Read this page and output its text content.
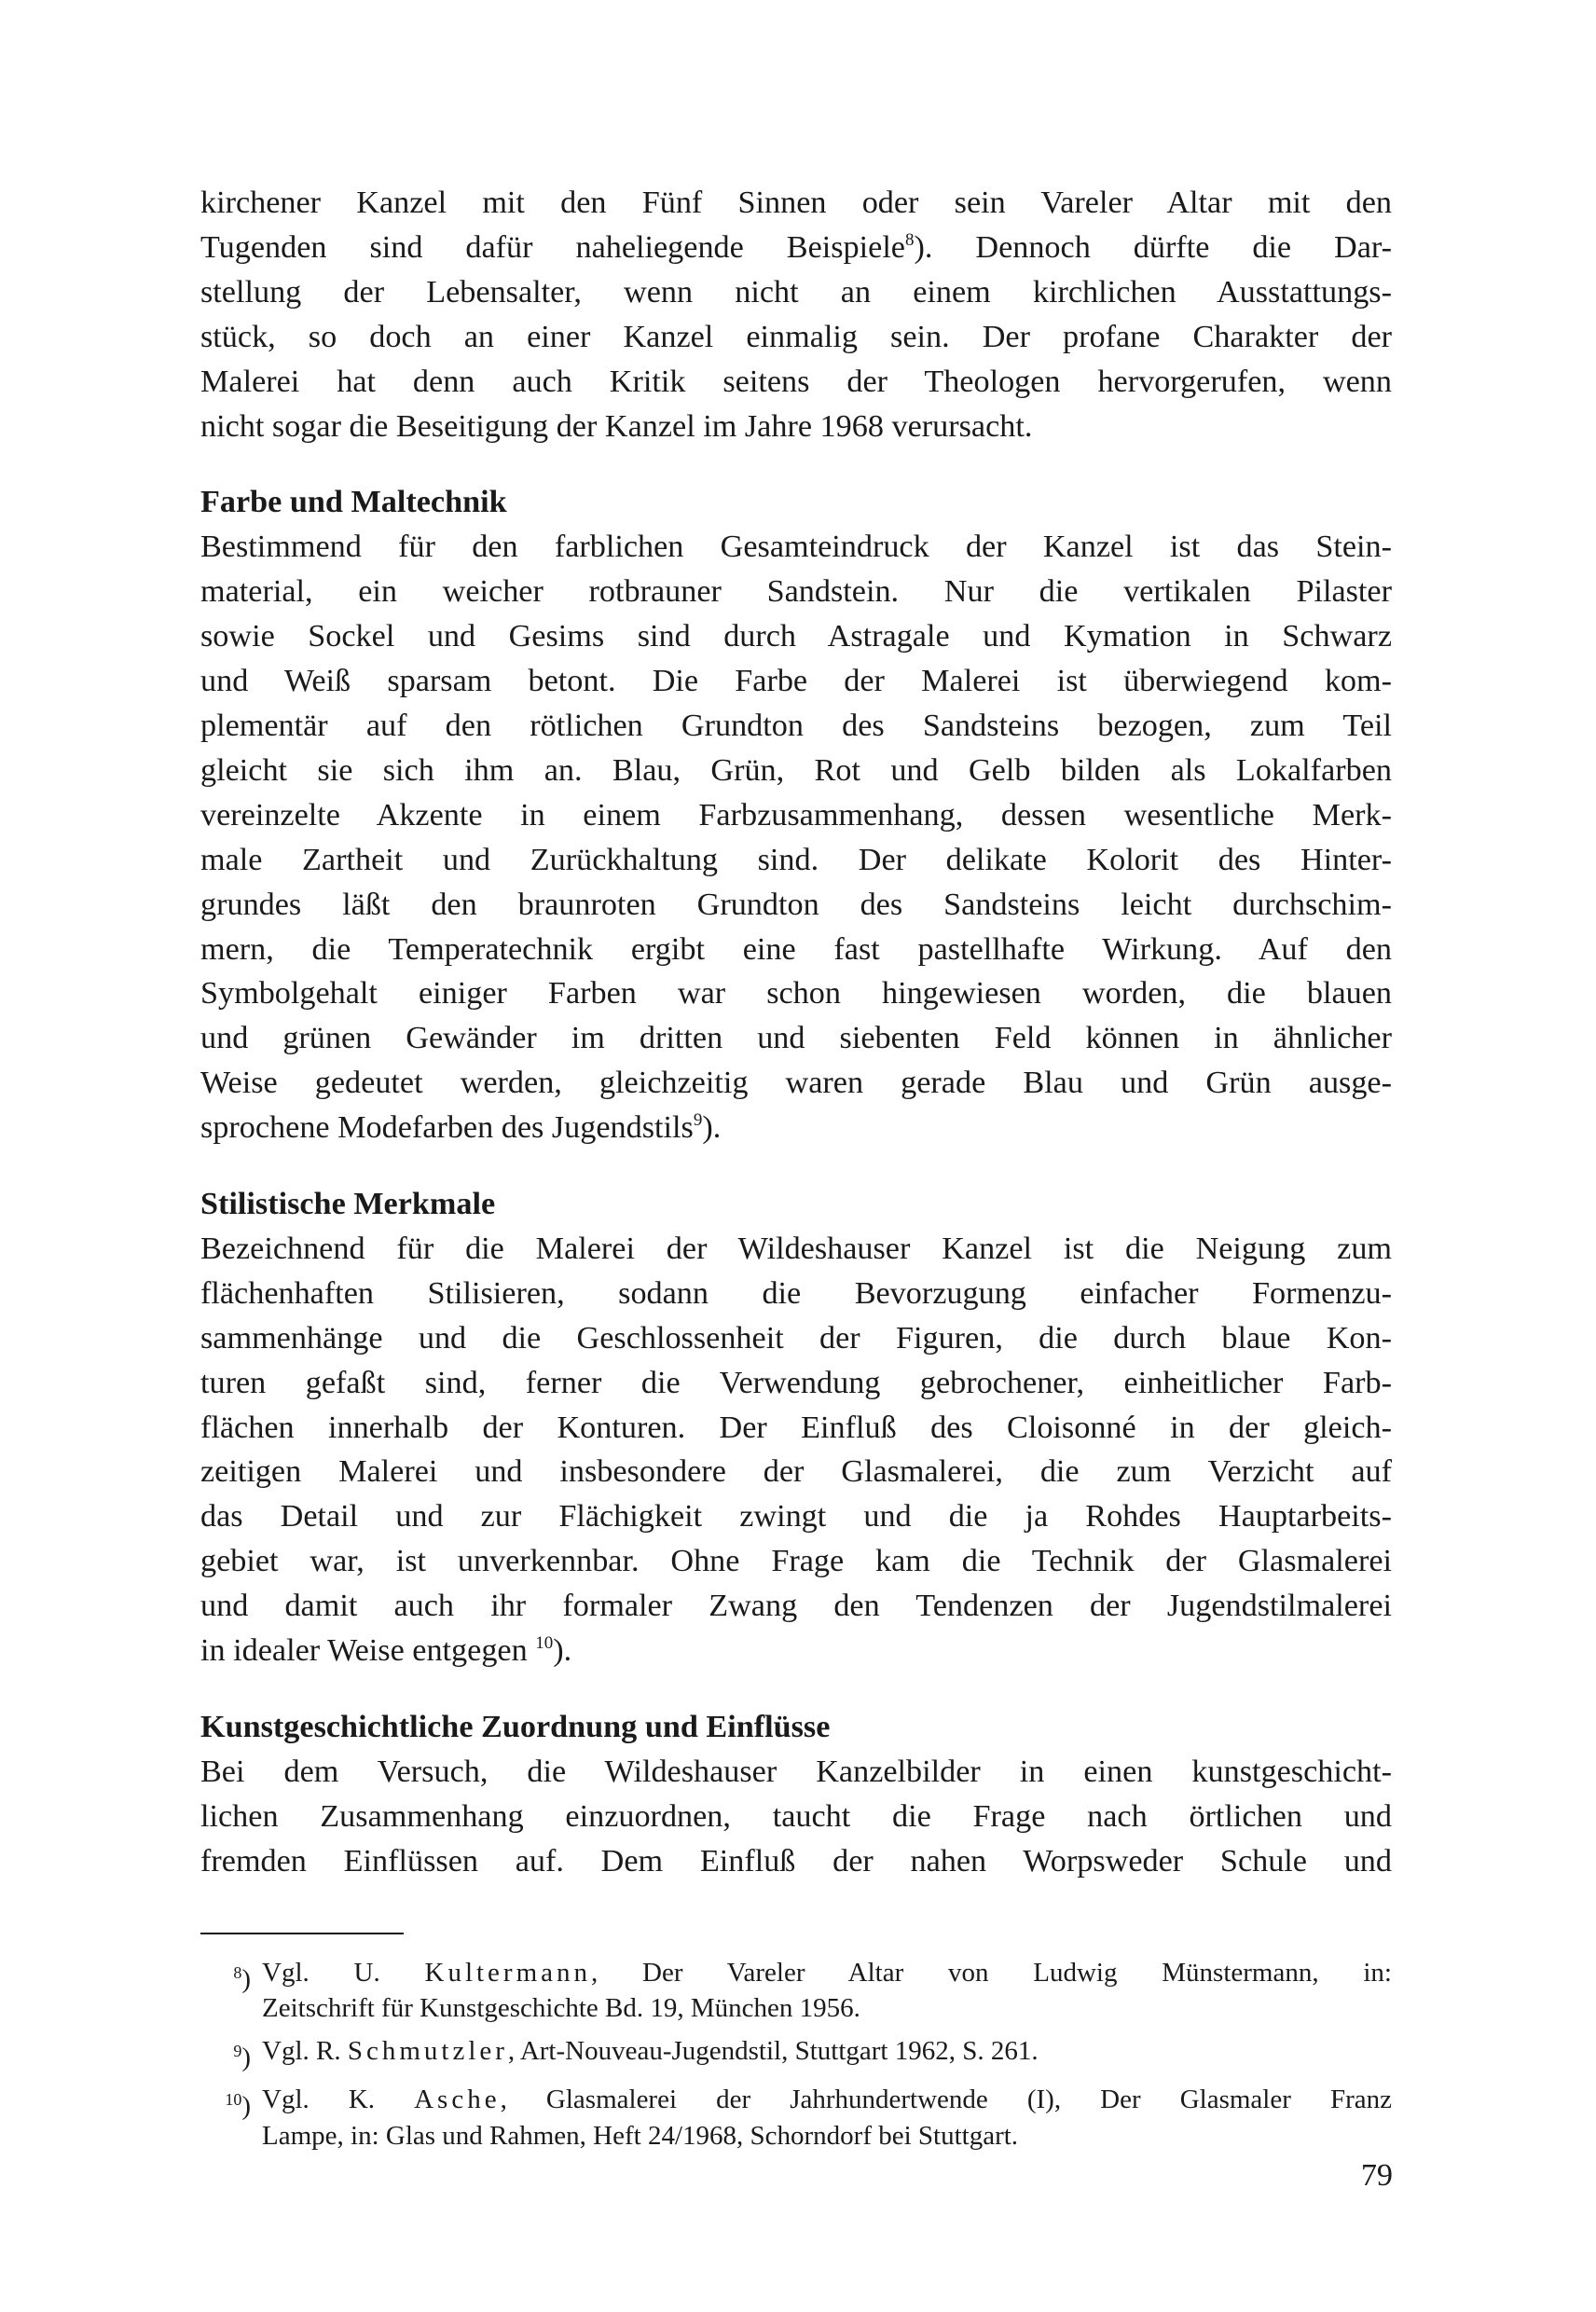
kirchener Kanzel mit den Fünf Sinnen oder sein Vareler Altar mit den
Tugenden sind dafür naheliegende Beispiele$^8$). Dennoch dürfte die Dar-
stellung der Lebensalter, wenn nicht an einem kirchlichen Ausstattungs-
stück, so doch an einer Kanzel einmalig sein. Der profane Charakter der
Malerei hat denn auch Kritik seitens der Theologen hervorgerufen, wenn
nicht sogar die Beseitigung der Kanzel im Jahre 1968 verursacht.

Farbe und Maltechnik

Bestimmend für den farblichen Gesamteindruck der Kanzel ist das Stein-
material, ein weicher rotbrauner Sandstein. Nur die vertikalen Pilaster
sowie Sockel und Gesims sind durch Astragale und Kymation in Schwarz
und Weiß sparsam betont. Die Farbe der Malerei ist überwiegend kom-
plementär auf den rötlichen Grundton des Sandsteins bezogen, zum Teil
gleicht sie sich ihm an. Blau, Grün, Rot und Gelb bilden als Lokalfarben
vereinzelte Akzente in einem Farbzusammenhang, dessen wesentliche Merk-
male Zartheit und Zurückhaltung sind. Der delikate Kolorit des Hinter-
grundes läßt den braunroten Grundton des Sandsteins leicht durchschim-
mern, die Temperatechnik ergibt eine fast pastellhafte Wirkung. Auf den
Symbolgehalt einiger Farben war schon hingewiesen worden, die blauen
und grünen Gewänder im dritten und siebenten Feld können in ähnlicher
Weise gedeutet werden, gleichzeitig waren gerade Blau und Grün ausge-
sprochene Modefarben des Jugendstils$^9$).

Stilistische Merkmale

Bezeichnend für die Malerei der Wildeshauser Kanzel ist die Neigung zum
flächenhaften Stilisieren, sodann die Bevorzugung einfacher Formenzu-
sammenhänge und die Geschlossenheit der Figuren, die durch blaue Kon-
turen gefaßt sind, ferner die Verwendung gebrochener, einheitlicher Farb-
flächen innerhalb der Konturen. Der Einfluß des Cloisonné in der gleich-
zeitigen Malerei und insbesondere der Glasmalerei, die zum Verzicht auf
das Detail und zur Flächigkeit zwingt und die ja Rohdes Hauptarbeits-
gebiet war, ist unverkennbar. Ohne Frage kam die Technik der Glasmalerei
und damit auch ihr formaler Zwang den Tendenzen der Jugendstilmalerei
in idealer Weise entgegen $^{10}$).

Kunstgeschichtliche Zuordnung und Einflüsse

Bei dem Versuch, die Wildeshauser Kanzelbilder in einen kunstgeschicht-
lichen Zusammenhang einzuordnen, taucht die Frage nach örtlichen und
fremden Einflüssen auf. Dem Einfluß der nahen Worpsweder Schule und

$^8$) Vgl. U. Kultermann, Der Vareler Altar von Ludwig Münstermann, in:
Zeitschrift für Kunstgeschichte Bd. 19, München 1956.
$^9$) Vgl. R. Schmutzler, Art-Nouveau-Jugendstil, Stuttgart 1962, S. 261.
$^{10}$) Vgl. K. Asche, Glasmalerei der Jahrhundertwende (I), Der Glasmaler Franz
Lampe, in: Glas und Rahmen, Heft 24/1968, Schorndorf bei Stuttgart.
79
